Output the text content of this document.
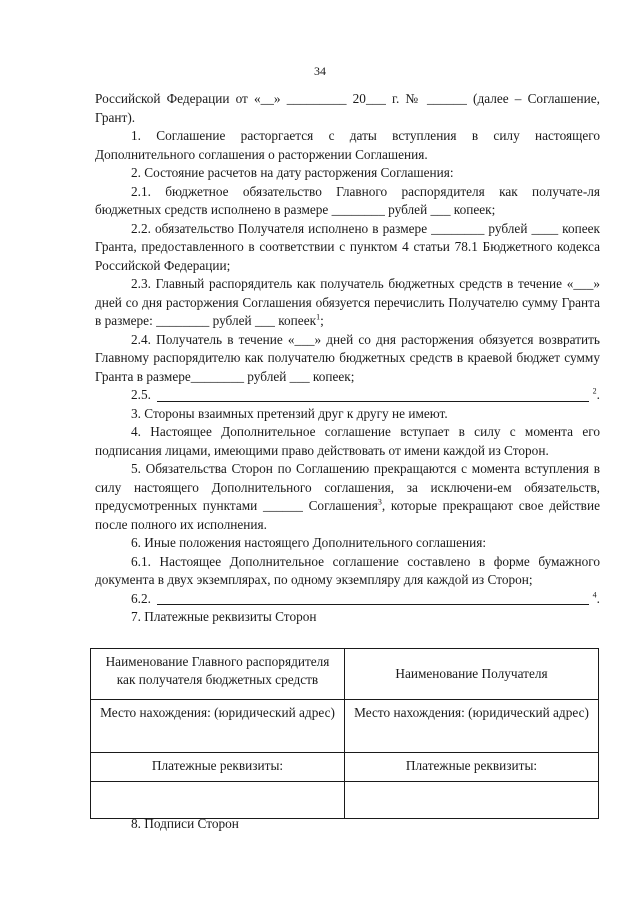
34

Российской Федерации от «__» _________ 20___ г. № ______ (далее – Соглашение, Грант).

1. Соглашение расторгается с даты вступления в силу настоящего Дополнительного соглашения о расторжении Соглашения.

2. Состояние расчетов на дату расторжения Соглашения:

2.1. бюджетное обязательство Главного распорядителя как получате-ля бюджетных средств исполнено в размере ________ рублей ___ копеек;

2.2. обязательство Получателя исполнено в размере ________ рублей ____ копеек Гранта, предоставленного в соответствии с пунктом 4 статьи 78.1 Бюджетного кодекса Российской Федерации;

2.3. Главный распорядитель как получатель бюджетных средств в течение «___» дней со дня расторжения Соглашения обязуется перечислить Получателю сумму Гранта в размере: ________ рублей ___ копеек$^1$;

2.4. Получатель в течение «___» дней со дня расторжения обязуется возвратить Главному распорядителю как получателю бюджетных средств в краевой бюджет сумму Гранта в размере________ рублей ___ копеек;

2.5.	$^2$.

3. Стороны взаимных претензий друг к другу не имеют.

4. Настоящее Дополнительное соглашение вступает в силу с момента его подписания лицами, имеющими право действовать от имени каждой из Сторон.

5. Обязательства Сторон по Соглашению прекращаются с момента вступления в силу настоящего Дополнительного соглашения, за исключени-ем обязательств, предусмотренных пунктами ______ Соглашения$^3$, которые прекращают свое действие после полного их исполнения.

6. Иные положения настоящего Дополнительного соглашения:

6.1. Настоящее Дополнительное соглашение составлено в форме бумажного документа в двух экземплярах, по одному экземпляру для каждой из Сторон;

6.2.	$^4$.

7. Платежные реквизиты Сторон

Наименование Главного распорядителя как получателя бюджетных средств	Наименование Получателя
Место нахождения: (юридический адрес)	Место нахождения: (юридический адрес)
Платежные реквизиты:	Платежные реквизиты:

8. Подписи Сторон
